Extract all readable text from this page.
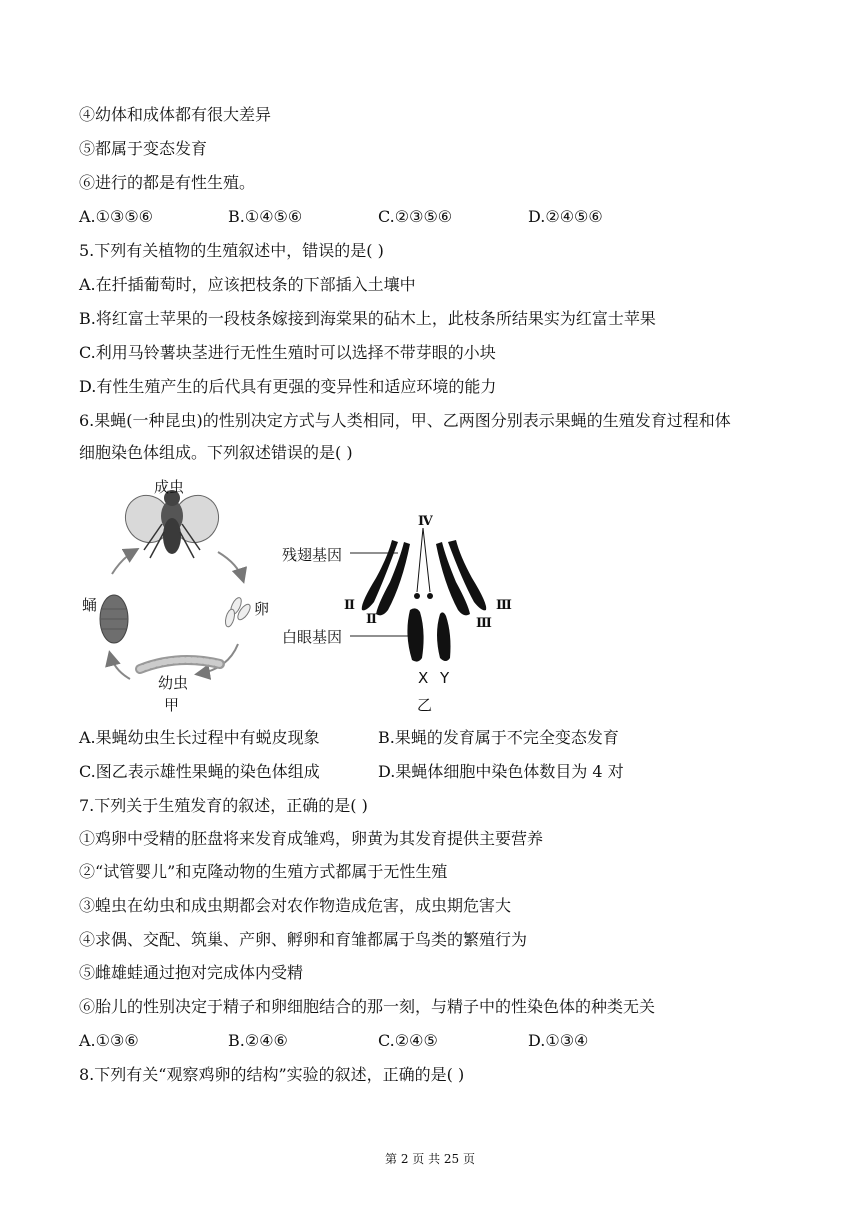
④幼体和成体都有很大差异
⑤都属于变态发育
⑥进行的都是有性生殖。
A.①③⑤⑥	B.①④⑤⑥	C.②③⑤⑥	D.②④⑤⑥
5.下列有关植物的生殖叙述中，错误的是( )
A.在扦插葡萄时，应该把枝条的下部插入土壤中
B.将红富士苹果的一段枝条嫁接到海棠果的砧木上，此枝条所结果实为红富士苹果
C.利用马铃薯块茎进行无性生殖时可以选择不带芽眼的小块
D.有性生殖产生的后代具有更强的变异性和适应环境的能力
6.果蝇(一种昆虫)的性别决定方式与人类相同，甲、乙两图分别表示果蝇的生殖发育过程和体
细胞染色体组成。下列叙述错误的是( )
成虫
卵
蛹
幼虫
甲
Ⅳ
残翅基因
Ⅱ
Ⅱ
Ⅲ
Ⅲ
白眼基因
X Y
乙
A.果蝇幼虫生长过程中有蜕皮现象	B.果蝇的发育属于不完全变态发育
C.图乙表示雄性果蝇的染色体组成	D.果蝇体细胞中染色体数目为 4 对
7.下列关于生殖发育的叙述，正确的是( )
①鸡卵中受精的胚盘将来发育成雏鸡，卵黄为其发育提供主要营养
②“试管婴儿”和克隆动物的生殖方式都属于无性生殖
③蝗虫在幼虫和成虫期都会对农作物造成危害，成虫期危害大
④求偶、交配、筑巢、产卵、孵卵和育雏都属于鸟类的繁殖行为
⑤雌雄蛙通过抱对完成体内受精
⑥胎儿的性别决定于精子和卵细胞结合的那一刻，与精子中的性染色体的种类无关
A.①③⑥	B.②④⑥	C.②④⑤	D.①③④
8.下列有关“观察鸡卵的结构”实验的叙述，正确的是( )
第 2 页 共 25 页
